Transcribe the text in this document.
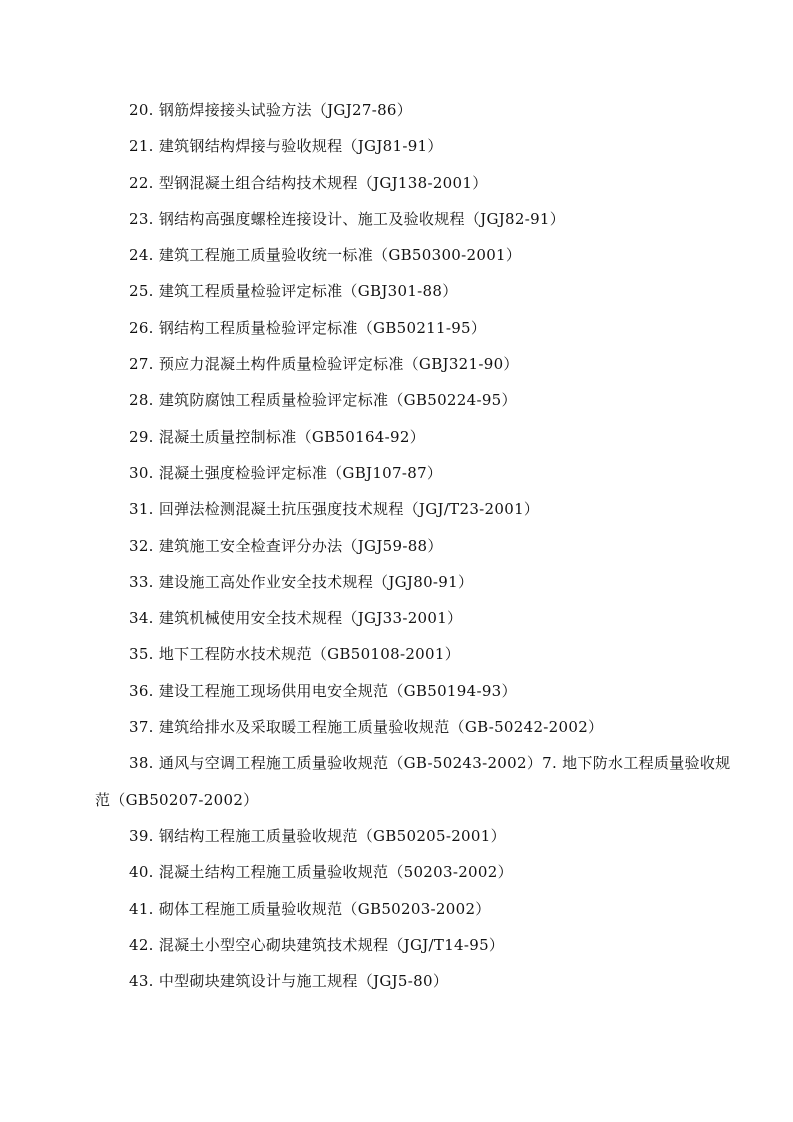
20. 钢筋焊接接头试验方法（JGJ27-86）
21. 建筑钢结构焊接与验收规程（JGJ81-91）
22. 型钢混凝土组合结构技术规程（JGJ138-2001）
23. 钢结构高强度螺栓连接设计、施工及验收规程（JGJ82-91）
24. 建筑工程施工质量验收统一标准（GB50300-2001）
25. 建筑工程质量检验评定标准（GBJ301-88）
26. 钢结构工程质量检验评定标准（GB50211-95）
27. 预应力混凝土构件质量检验评定标准（GBJ321-90）
28. 建筑防腐蚀工程质量检验评定标准（GB50224-95）
29. 混凝土质量控制标准（GB50164-92）
30. 混凝土强度检验评定标准（GBJ107-87）
31. 回弹法检测混凝土抗压强度技术规程（JGJ/T23-2001）
32. 建筑施工安全检查评分办法（JGJ59-88）
33. 建设施工高处作业安全技术规程（JGJ80-91）
34. 建筑机械使用安全技术规程（JGJ33-2001）
35. 地下工程防水技术规范（GB50108-2001）
36. 建设工程施工现场供用电安全规范（GB50194-93）
37. 建筑给排水及采取暖工程施工质量验收规范（GB-50242-2002）
38. 通风与空调工程施工质量验收规范（GB-50243-2002）7. 地下防水工程质量验收规范（GB50207-2002）
39. 钢结构工程施工质量验收规范（GB50205-2001）
40. 混凝土结构工程施工质量验收规范（50203-2002）
41. 砌体工程施工质量验收规范（GB50203-2002）
42. 混凝土小型空心砌块建筑技术规程（JGJ/T14-95）
43. 中型砌块建筑设计与施工规程（JGJ5-80）
